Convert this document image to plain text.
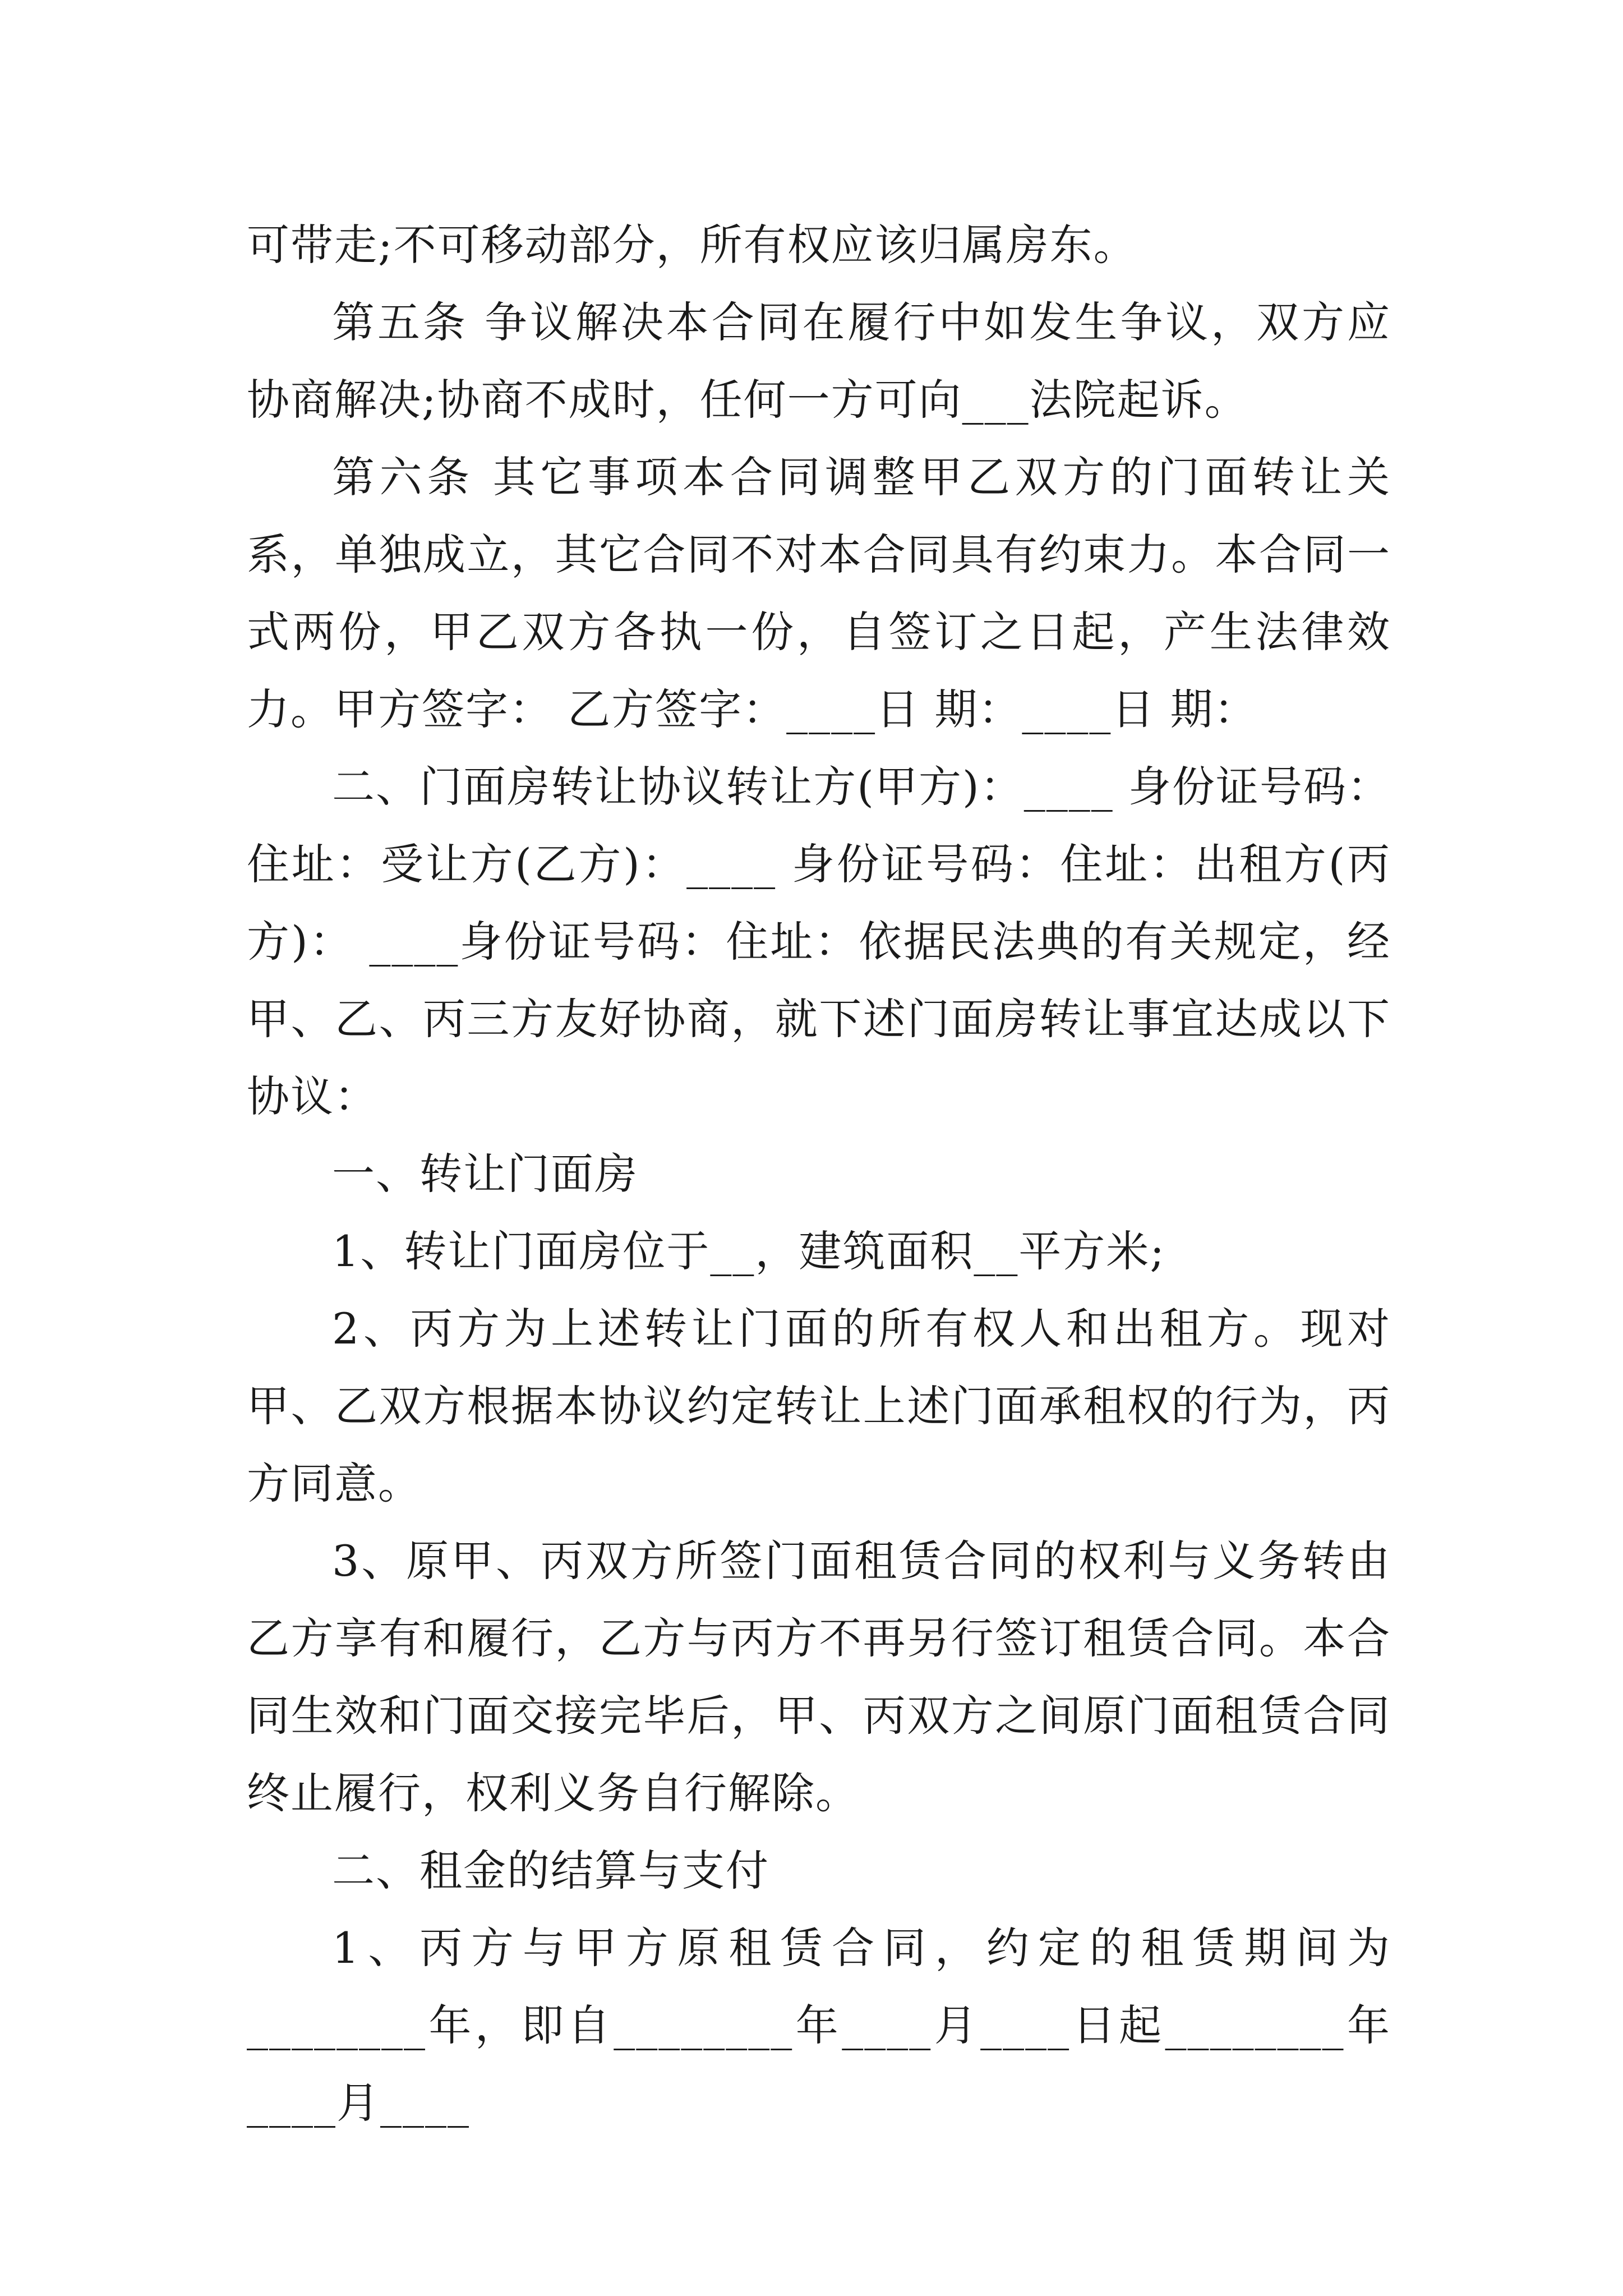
可带走;不可移动部分，所有权应该归属房东。

第五条 争议解决本合同在履行中如发生争议，双方应协商解决;协商不成时，任何一方可向___法院起诉。

第六条 其它事项本合同调整甲乙双方的门面转让关系，单独成立，其它合同不对本合同具有约束力。本合同一式两份，甲乙双方各执一份，自签订之日起，产生法律效力。甲方签字： 乙方签字：____日 期：____日 期：

二、门面房转让协议转让方(甲方)：____ 身份证号码：住址：受让方(乙方)：____ 身份证号码：住址：出租方(丙方)： ____身份证号码：住址：依据民法典的有关规定，经甲、乙、丙三方友好协商，就下述门面房转让事宜达成以下协议：

一、转让门面房

1、转让门面房位于__，建筑面积__平方米;

2、丙方为上述转让门面的所有权人和出租方。现对甲、乙双方根据本协议约定转让上述门面承租权的行为，丙方同意。

3、原甲、丙双方所签门面租赁合同的权利与义务转由乙方享有和履行，乙方与丙方不再另行签订租赁合同。本合同生效和门面交接完毕后，甲、丙双方之间原门面租赁合同终止履行，权利义务自行解除。

二、租金的结算与支付

1、丙方与甲方原租赁合同，约定的租赁期间为________年，即自________年____月____日起________年____月____
